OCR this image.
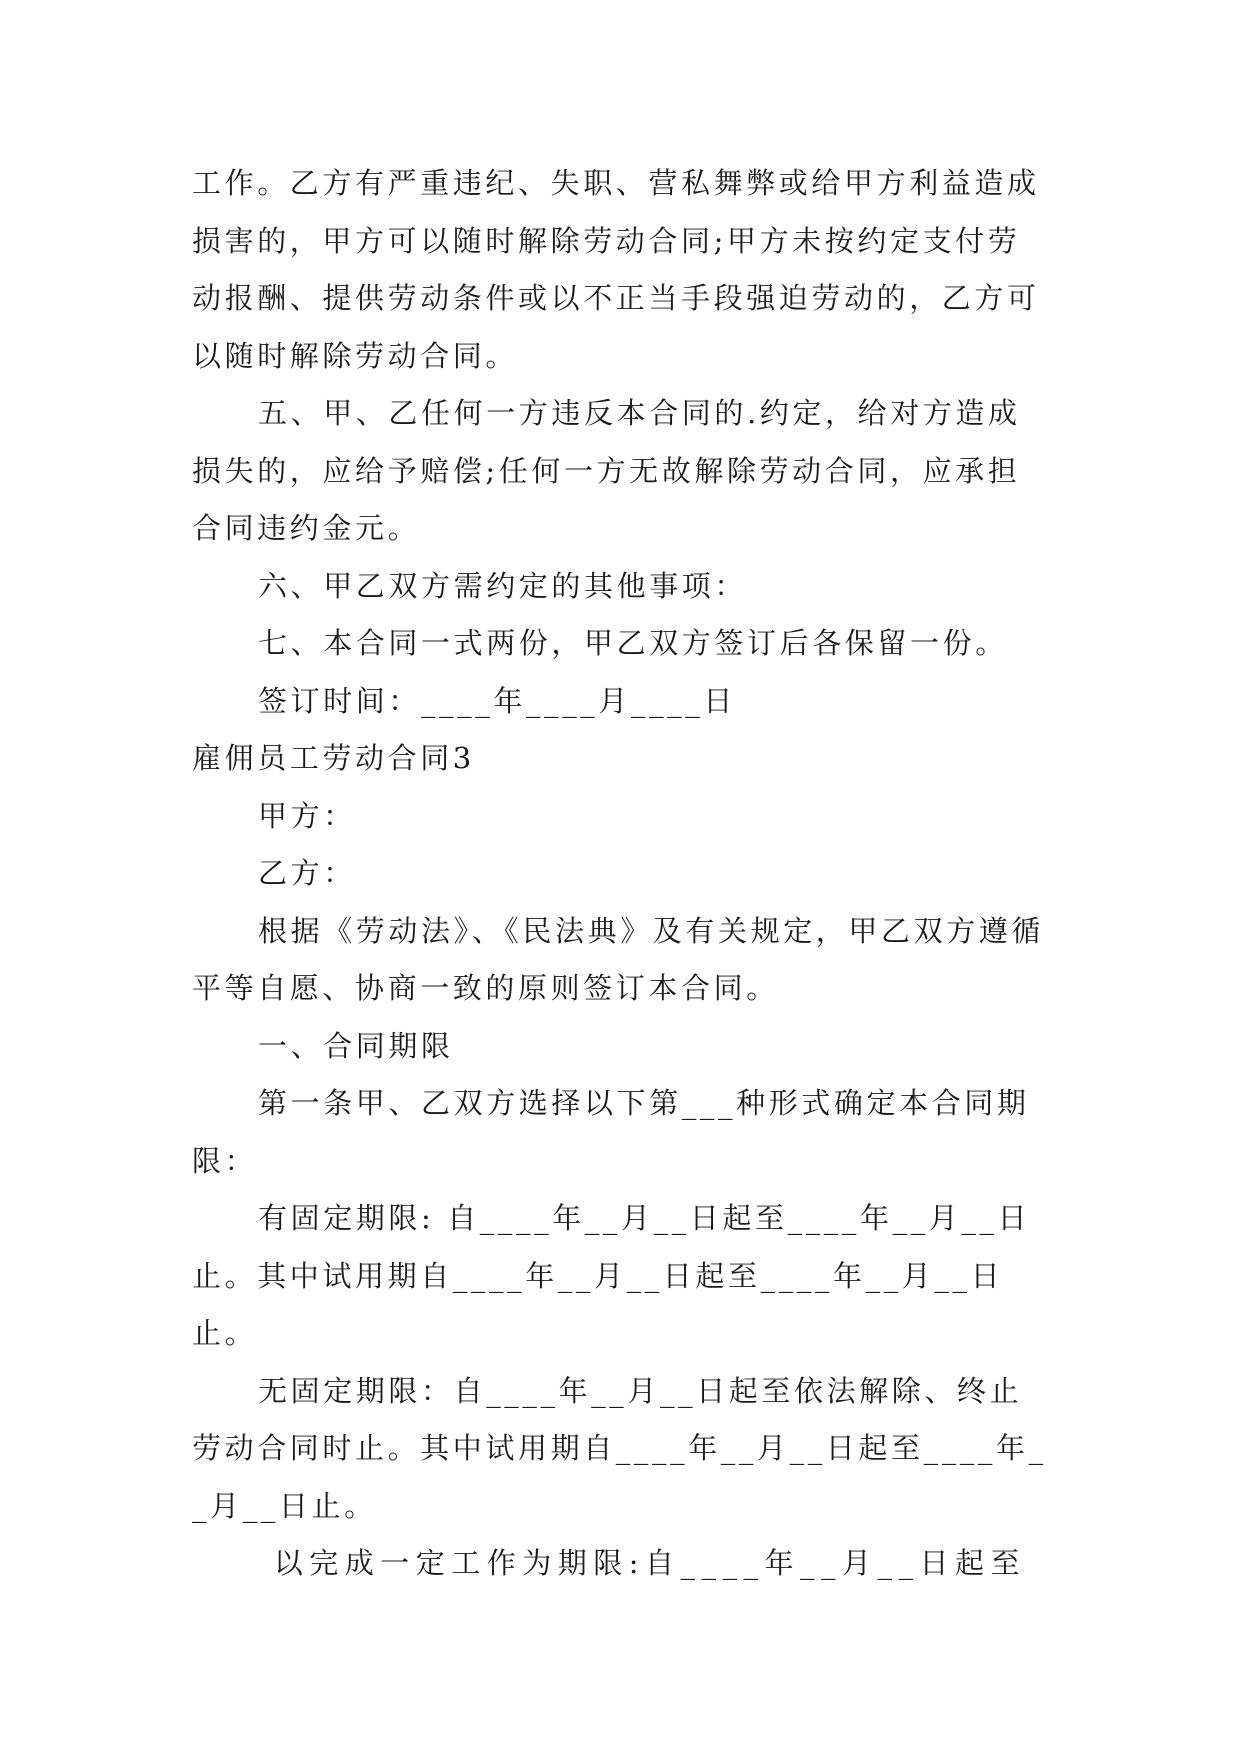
工作。乙方有严重违纪、失职、营私舞弊或给甲方利益造成损害的，甲方可以随时解除劳动合同;甲方未按约定支付劳动报酬、提供劳动条件或以不正当手段强迫劳动的，乙方可以随时解除劳动合同。

五、甲、乙任何一方违反本合同的.约定，给对方造成损失的，应给予赔偿;任何一方无故解除劳动合同，应承担合同违约金元。

六、甲乙双方需约定的其他事项：

七、本合同一式两份，甲乙双方签订后各保留一份。

签订时间：____年____月____日

雇佣员工劳动合同3

甲方：

乙方：

根据《劳动法》、《民法典》及有关规定，甲乙双方遵循平等自愿、协商一致的原则签订本合同。

一、合同期限

第一条甲、乙双方选择以下第___种形式确定本合同期限：

有固定期限: 自____年__月__日起至____年__月__日止。其中试用期自____年__月__日起至____年__月__日止。

无固定期限：自____年__月__日起至依法解除、终止劳动合同时止。其中试用期自____年__月__日起至____年__月__日止。

以完成一定工作为期限:自____年__月__日起至
